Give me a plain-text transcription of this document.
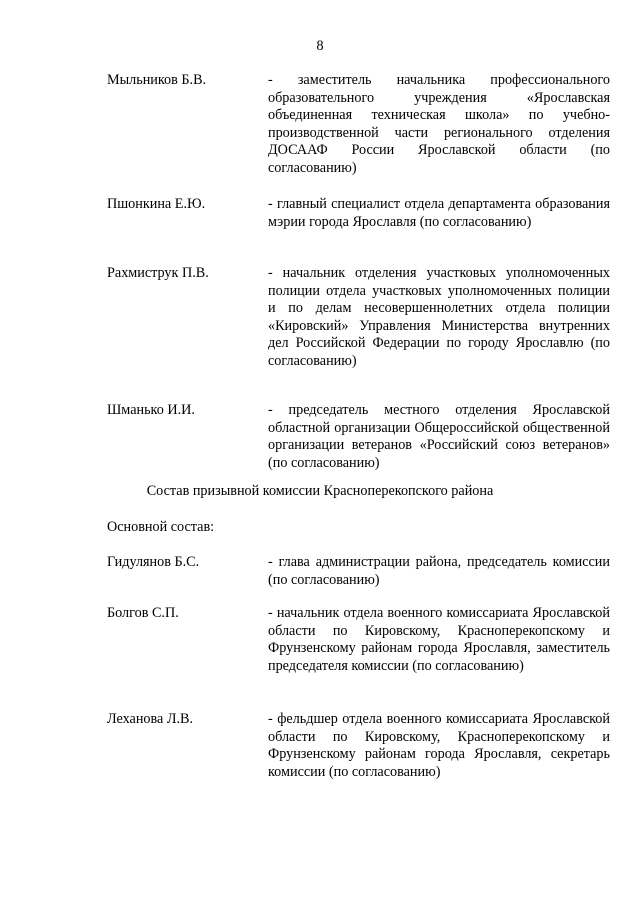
8
Мыльников Б.В.	- заместитель начальника профессионального образовательного учреждения «Ярославская объединенная техническая школа» по учебно-производственной части регионального отделения ДОСААФ России Ярославской области (по согласованию)
Пшонкина Е.Ю.	- главный специалист отдела департамента образования мэрии города Ярославля (по согласованию)
Рахмиструк П.В.	- начальник отделения участковых уполномоченных полиции отдела участковых уполномоченных полиции и по делам несовершеннолетних отдела полиции «Кировский» Управления Министерства внутренних дел Российской Федерации по городу Ярославлю (по согласованию)
Шманько И.И.	- председатель местного отделения Ярославской областной организации Общероссийской общественной организации ветеранов «Российский союз ветеранов» (по согласованию)
Состав призывной комиссии Красноперекопского района
Основной состав:
Гидулянов Б.С.	- глава администрации района, председатель комиссии (по согласованию)
Болгов С.П.	- начальник отдела военного комиссариата Ярославской области по Кировскому, Красноперекопскому и Фрунзенскому районам города Ярославля, заместитель председателя комиссии (по согласованию)
Леханова Л.В.	- фельдшер отдела военного комиссариата Ярославской области по Кировскому, Красноперекопскому и Фрунзенскому районам города Ярославля, секретарь комиссии (по согласованию)
